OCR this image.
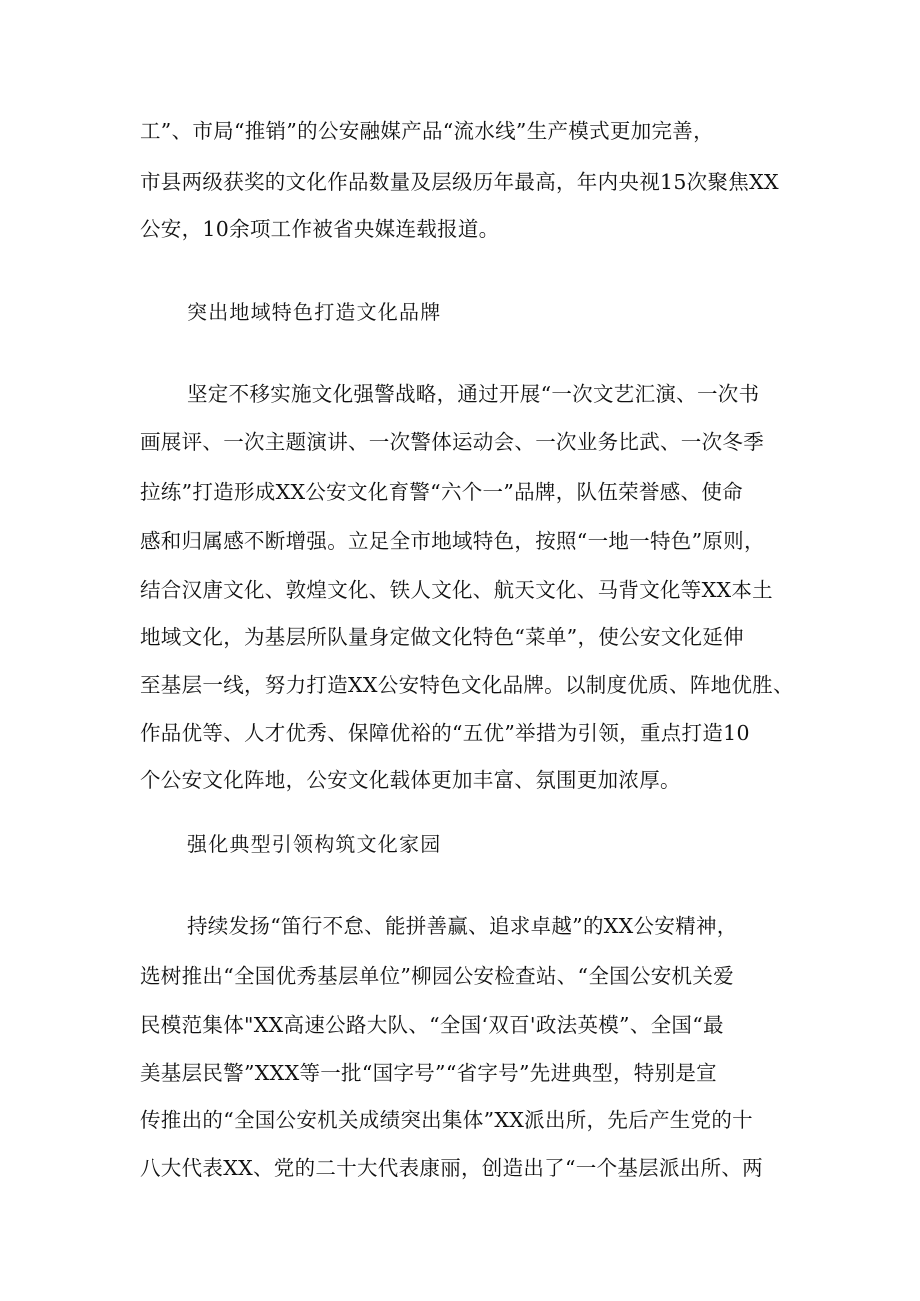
工”、市局“推销”的公安融媒产品“流水线”生产模式更加完善，
市县两级获奖的文化作品数量及层级历年最高，年内央视15次聚焦XX
公安，10余项工作被省央媒连载报道。
突出地域特色打造文化品牌
坚定不移实施文化强警战略，通过开展“一次文艺汇演、一次书
画展评、一次主题演讲、一次警体运动会、一次业务比武、一次冬季
拉练”打造形成XX公安文化育警“六个一”品牌，队伍荣誉感、使命
感和归属感不断增强。立足全市地域特色，按照“一地一特色”原则，
结合汉唐文化、敦煌文化、铁人文化、航天文化、马背文化等XX本土
地域文化，为基层所队量身定做文化特色“菜单”，使公安文化延伸
至基层一线，努力打造XX公安特色文化品牌。以制度优质、阵地优胜、
作品优等、人才优秀、保障优裕的“五优”举措为引领，重点打造10
个公安文化阵地，公安文化载体更加丰富、氛围更加浓厚。
强化典型引领构筑文化家园
持续发扬“笛行不怠、能拼善赢、追求卓越”的XX公安精神，
选树推出“全国优秀基层单位”柳园公安检查站、“全国公安机关爱
民模范集体"XX高速公路大队、“全国‘双百'政法英模”、全国“最
美基层民警”XXX等一批“国字号”“省字号”先进典型，特别是宣
传推出的“全国公安机关成绩突出集体”XX派出所，先后产生党的十
八大代表XX、党的二十大代表康丽，创造出了“一个基层派出所、两
